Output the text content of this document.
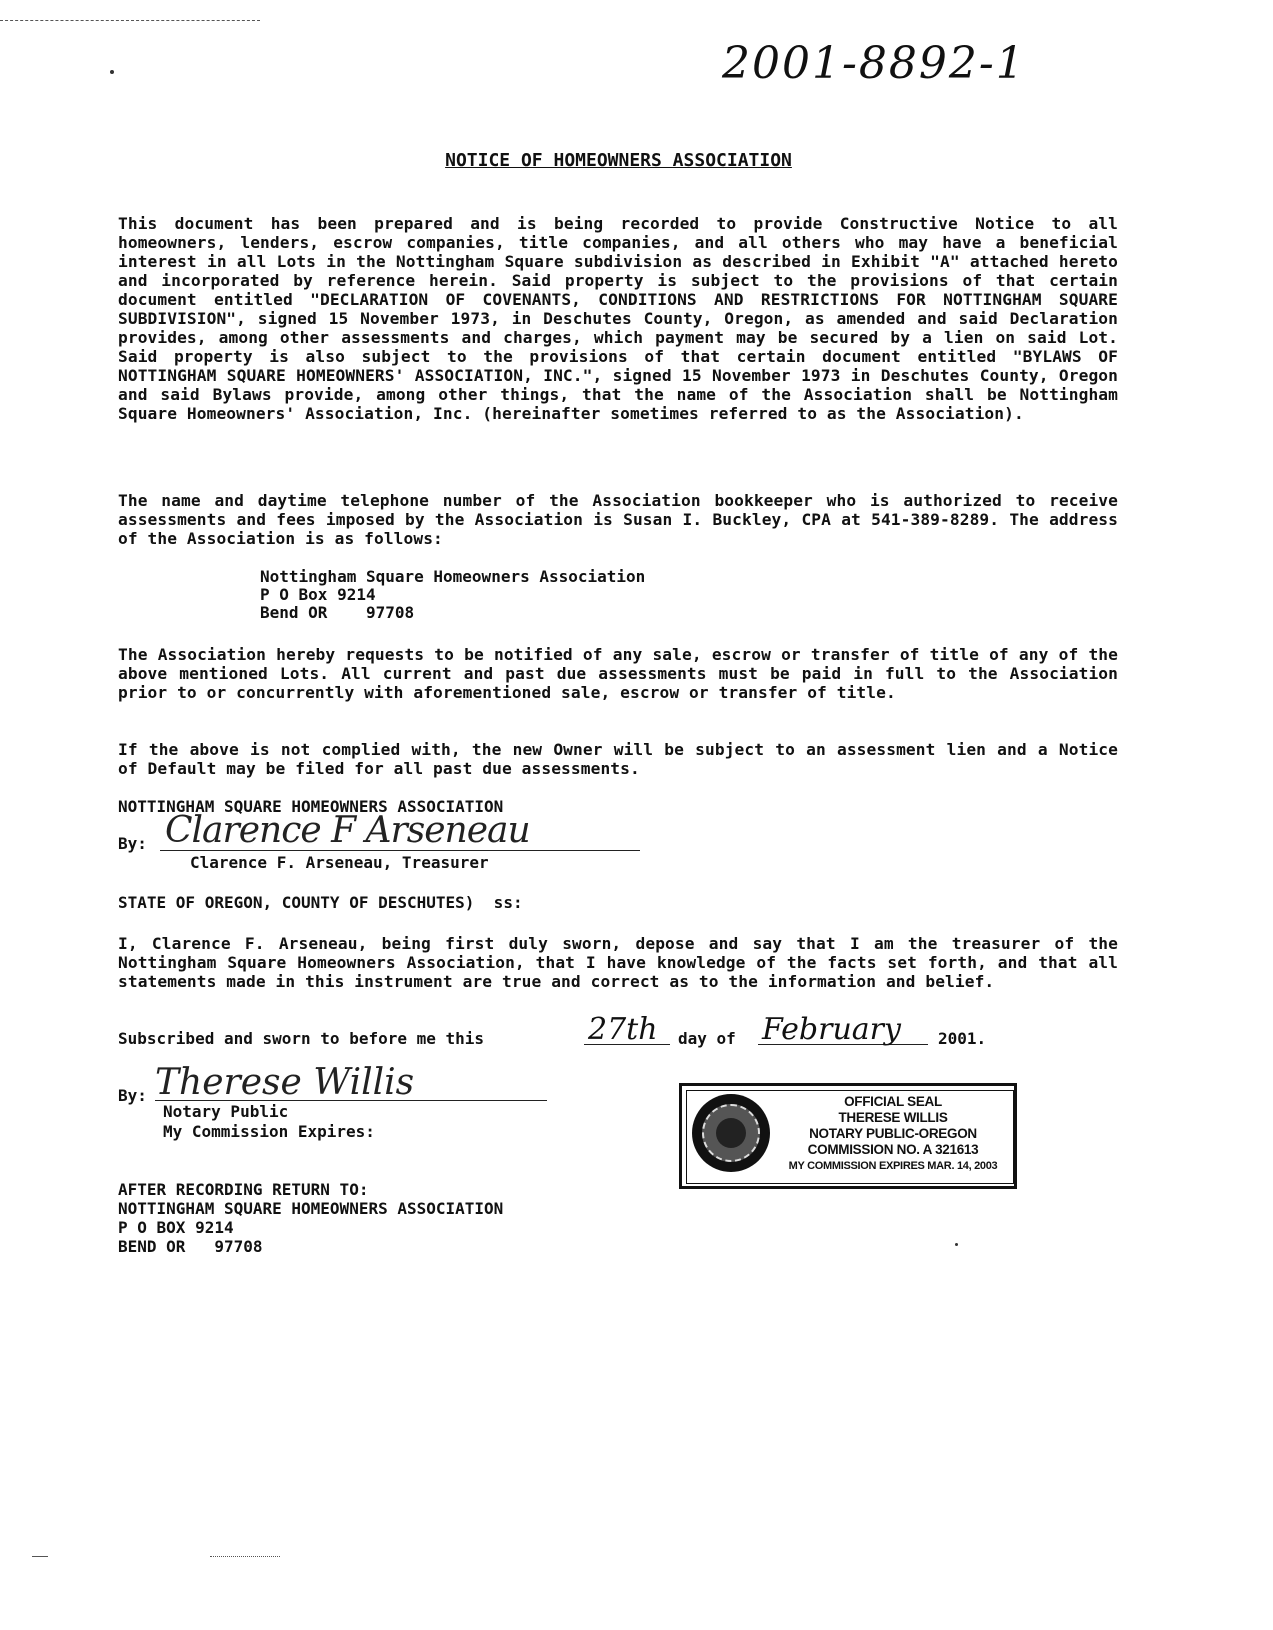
2001-8892-1
NOTICE OF HOMEOWNERS ASSOCIATION
This document has been prepared and is being recorded to provide Constructive Notice to all homeowners, lenders, escrow companies, title companies, and all others who may have a beneficial interest in all Lots in the Nottingham Square subdivision as described in Exhibit "A" attached hereto and incorporated by reference herein. Said property is subject to the provisions of that certain document entitled "DECLARATION OF COVENANTS, CONDITIONS AND RESTRICTIONS FOR NOTTINGHAM SQUARE SUBDIVISION", signed 15 November 1973, in Deschutes County, Oregon, as amended and said Declaration provides, among other assessments and charges, which payment may be secured by a lien on said Lot. Said property is also subject to the provisions of that certain document entitled "BYLAWS OF NOTTINGHAM SQUARE HOMEOWNERS' ASSOCIATION, INC.", signed 15 November 1973 in Deschutes County, Oregon and said Bylaws provide, among other things, that the name of the Association shall be Nottingham Square Homeowners' Association, Inc. (hereinafter sometimes referred to as the Association).
The name and daytime telephone number of the Association bookkeeper who is authorized to receive assessments and fees imposed by the Association is Susan I. Buckley, CPA at 541-389-8289. The address of the Association is as follows:
Nottingham Square Homeowners Association
P O Box 9214
Bend OR    97708
The Association hereby requests to be notified of any sale, escrow or transfer of title of any of the above mentioned Lots. All current and past due assessments must be paid in full to the Association prior to or concurrently with aforementioned sale, escrow or transfer of title.
If the above is not complied with, the new Owner will be subject to an assessment lien and a Notice of Default may be filed for all past due assessments.
NOTTINGHAM SQUARE HOMEOWNERS ASSOCIATION
By: Clarence F Arseneau
Clarence F. Arseneau, Treasurer
STATE OF OREGON, COUNTY OF DESCHUTES)  ss:
I, Clarence F. Arseneau, being first duly sworn, depose and say that I am the treasurer of the Nottingham Square Homeowners Association, that I have knowledge of the facts set forth, and that all statements made in this instrument are true and correct as to the information and belief.
Subscribed and sworn to before me this	27th day of February 2001.
By: Therese Willis
Notary Public
My Commission Expires:
OFFICIAL SEAL
THERESE WILLIS
NOTARY PUBLIC-OREGON
COMMISSION NO. A 321613
MY COMMISSION EXPIRES MAR. 14, 2003
AFTER RECORDING RETURN TO:
NOTTINGHAM SQUARE HOMEOWNERS ASSOCIATION
P O BOX 9214
BEND OR   97708
